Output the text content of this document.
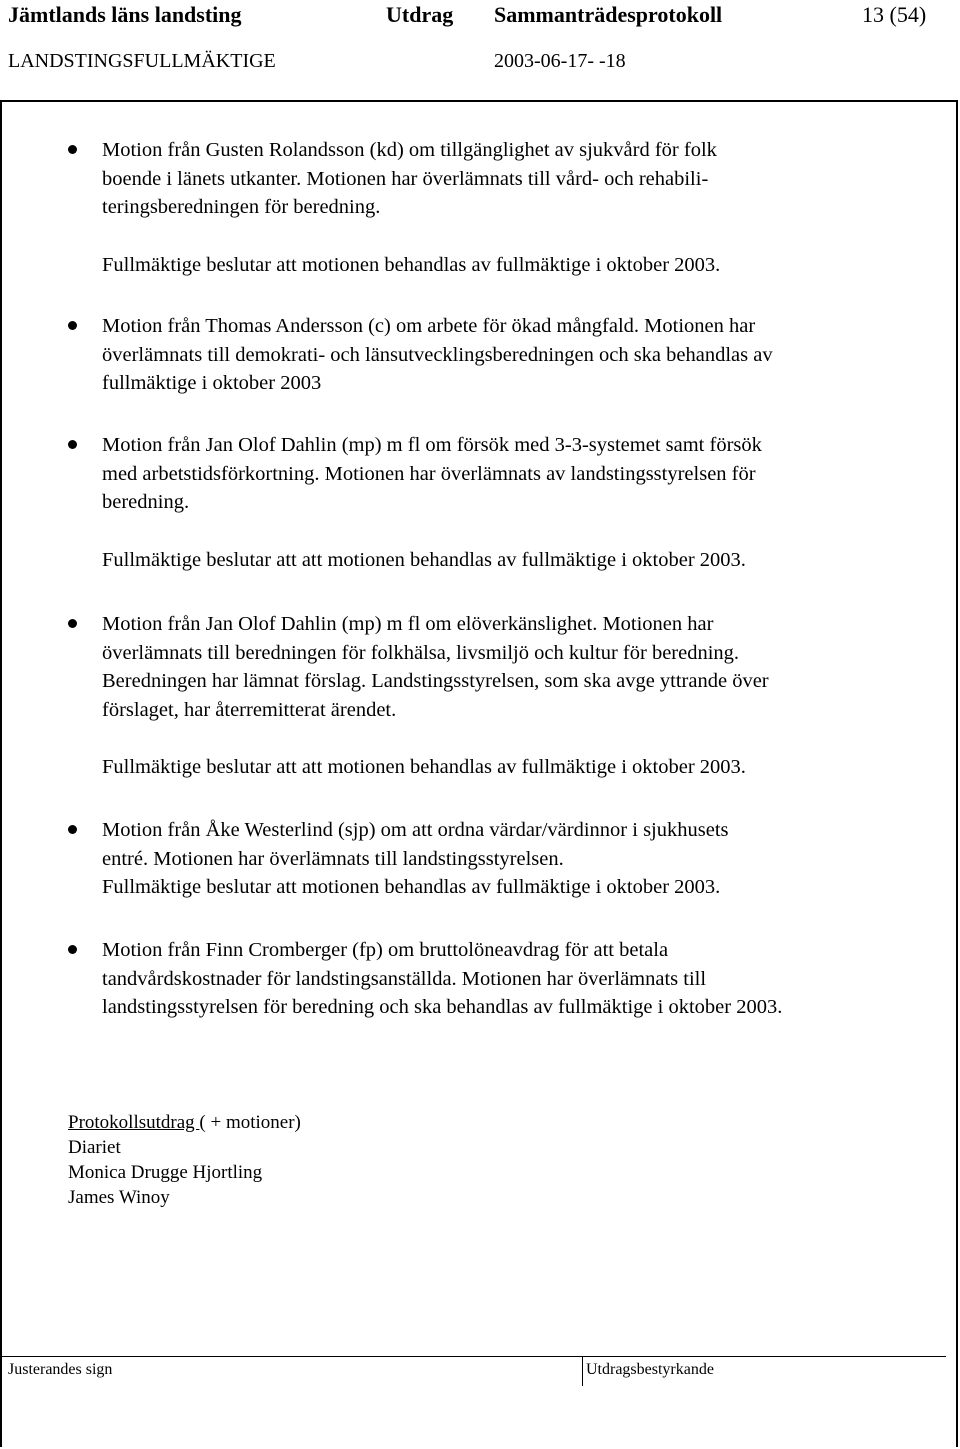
Jämtlands läns landsting	Utdrag Sammanträdesprotokoll	13 (54)
LANDSTINGSFULLMÄKTIGE	2003-06-17- -18

Motion från Gusten Rolandsson (kd) om tillgänglighet av sjukvård för folk

boende i länets utkanter. Motionen har överlämnats till vård- och rehabili-

teringsberedningen för beredning.

Fullmäktige beslutar att motionen behandlas av fullmäktige i oktober 2003.

Motion från Thomas Andersson (c) om arbete för ökad mångfald. Motionen har

överlämnats till demokrati- och länsutvecklingsberedningen och ska behandlas av

fullmäktige i oktober 2003

Motion från Jan Olof Dahlin (mp) m fl om försök med 3-3-systemet samt försök

med arbetstidsförkortning. Motionen har överlämnats av landstingsstyrelsen för

beredning.

Fullmäktige beslutar att att motionen behandlas av fullmäktige i oktober 2003.

Motion från Jan Olof Dahlin (mp) m fl om elöverkänslighet. Motionen har

överlämnats till beredningen för folkhälsa, livsmiljö och kultur för beredning.

Beredningen har lämnat förslag. Landstingsstyrelsen, som ska avge yttrande över

förslaget, har återremitterat ärendet.

Fullmäktige beslutar att att motionen behandlas av fullmäktige i oktober 2003.

Motion från Åke Westerlind (sjp) om att ordna värdar/värdinnor i sjukhusets

entré. Motionen har överlämnats till landstingsstyrelsen.

Fullmäktige beslutar att motionen behandlas av fullmäktige i oktober 2003.

Motion från Finn Cromberger (fp) om bruttolöneavdrag för att betala

tandvårdskostnader för landstingsanställda. Motionen har överlämnats till

landstingsstyrelsen för beredning och ska behandlas av fullmäktige i oktober 2003.

Protokollsutdrag ( + motioner)
Diariet
Monica Drugge Hjortling
James Winoy
Justerandes sign	Utdragsbestyrkande
